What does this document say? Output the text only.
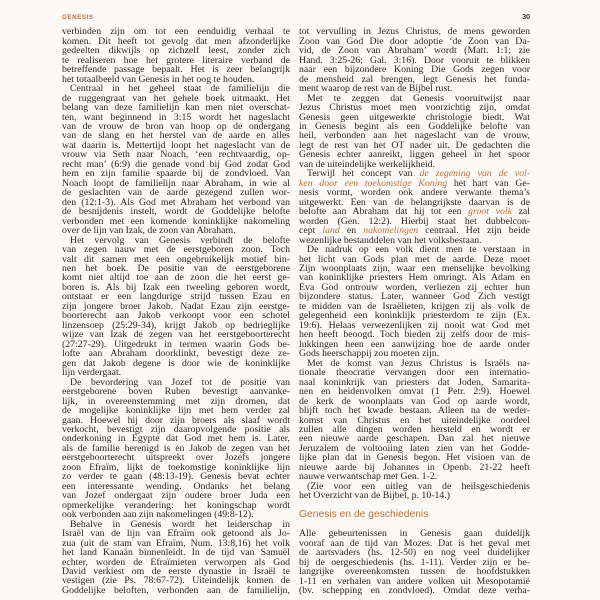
GENESIS	30
verbinden zijn om tot een eenduidig verhaal te
komen. Dit heeft tot gevolg dat men afzonderlijke
gedeelten dikwijls op zichzelf leest, zonder zich
te realiseren hoe het grotere literaire verband de
betreffende passage bepaalt. Het is zeer belangrijk
het totaalbeeld van Genesis in het oog te houden.
Centraal in het geheel staat de familielijn die
de ruggengraat van het gehele boek uitmaakt. Het
belang van deze familielijn kan men niet overschat-
ten, want beginnend in 3:15 wordt het nageslacht
van de vrouw de bron van hoop op de ondergang
van de slang en het herstel van de aarde en alles
wat daarin is. Mettertijd loopt het nageslacht van de
vrouw via Seth naar Noach, ‘een rechtvaardig, op-
recht man’ (6:9) die genade vond bij God zodat God
hem en zijn familie spaarde bij de zondvloed. Van
Noach loopt de familielijn naar Abraham, in wie al
de geslachten van de aarde gezegend zullen wor-
den (12:1-3). Als God met Abraham het verbond van
de besnijdenis instelt, wordt de Goddelijke belofte
verbonden met een komende koninklijke nakomeling
over de lijn van Izak, de zoon van Abraham.
Het vervolg van Genesis verbindt de belofte
van zegen nauw met de eerstgeboren zoon. Toch
valt dit samen met een ongebruikelijk motief bin-
nen het boek. De positie van de eerstgeborene
komt niet altijd toe aan de zoon die het eerst ge-
boren is. Als bij Izak een tweeling geboren wordt,
ontstaat er een langdurige strijd tussen Ezau en
zijn jongere broer Jakob. Nadat Ezau zijn eerstge-
boorterecht aan Jakob verkoopt voor een schotel
linzensoep (25:29-34), krijgt Jakob op bedrieglijke
wijze van Izak de zegen van het eerstgeboorterecht
(27:27-29). Uitgedrukt in termen waarin Gods be-
lofte aan Abraham doorklinkt, bevestigt deze ze-
gen dat Jakob degene is door wie de koninklijke
lijn verdergaat.
De bevordering van Jozef tot de positie van
eerstgeborene boven Ruben bevestigt aanvanke-
lijk, in overeenstemming met zijn dromen, dat
de mogelijke koninklijke lijn met hem verder zal
gaan. Hoewel hij door zijn broers als slaaf wordt
verkocht, bevestigt zijn daaropvolgende positie als
onderkoning in Egypte dat God met hem is. Later,
als de familie herenigd is en Jakob de zegen van het
eerstgeboorterecht uitspreekt over Jozefs jongere
zoon Efraïm, lijkt de toekomstige koninklijke lijn
zo verder te gaan (48:13-19). Genesis bevat echter
een interessante wending. Ondanks het belang
van Jozef ondergaat zijn oudere broer Juda een
opmerkelijke verandering: het koningschap wordt
ook verbonden aan zijn nakomelingen (49:8-12).
Behalve in Genesis wordt het leiderschap in
Israël van de lijn van Efraïm ook getoond als Jo-
zua (uit de stam van Efraïm, Num. 13:8,16) het volk
het land Kanaän binnenleidt. In de tijd van Samuël
echter, worden de Efraïmieten verworpen als God
David verkiest om de eerste dynastie in Israël te
vestigen (zie Ps. 78:67-72). Uiteindelijk komen de
Goddelijke beloften, verbonden aan de familielijn,
tot vervulling in Jezus Christus, de mens geworden
Zoon van God Die door adoptie ‘de Zoon van Da-
vid, de Zoon van Abraham’ wordt (Matt. 1:1; zie
Hand. 3:25-26; Gal. 3:16). Door vooruit te blikken
naar een bijzondere Koning Die Gods zegen voor
de mensheid zal brengen, legt Genesis het funda-
ment waarop de rest van de Bijbel rust.
Met te zeggen dat Genesis vooruitwijst naar
Jezus Christus moet men voorzichtig zijn, omdat
Genesis geen uitgewerkte christologie biedt. Wat
in Genesis begint als een Goddelijke belofte van
heil, verbonden aan het nageslacht van de vrouw,
legt de rest van het OT nader uit. De gedachten die
Genesis echter aanreikt, liggen geheel in het spoor
van de uiteindelijke werkelijkheid.
Terwijl het concept van de zegening van de vol-
ken door een toekomstige Koning het hart van Ge-
nesis vormt, worden ook andere verwante thema’s
uitgewerkt. Een van de belangrijkste daarvan is de
belofte aan Abraham dat hij tot een groot volk zal
worden (Gen. 12:2). Hierbij staat het dubbelcon-
cept land en nakomelingen centraal. Het zijn beide
wezenlijke bestanddelen van het volksbestaan.
De nadruk op een volk dient men te verstaan in
het licht van Gods plan met de aarde. Deze moet
Zijn woonplaats zijn, waar een menselijke bevolking
van koninklijke priesters Hem omringt. Als Adam en
Eva God ontrouw worden, verliezen zij echter hun
bijzondere status. Later, wanneer God Zich vestigt
te midden van de Israëlieten, krijgen zij als volk de
gelegenheid een koninklijk priesterdom te zijn (Ex.
19:6). Helaas verwezenlijken zij nooit wat God met
hen heeft beoogd. Toch bieden zij zelfs door de mis-
lukkingen heen een aanwijzing hoe de aarde onder
Gods heerschappij zou moeten zijn.
Met de komst van Jezus Christus is Israëls na-
tionale theocratie vervangen door een internatio-
naal koninkrijk van priesters dat Joden, Samarita-
nen en heidenvolken omvat (1 Petr. 2:9). Hoewel
de kerk de woonplaats van God op aarde wordt,
blijft toch het kwade bestaan. Alleen na de weder-
komst van Christus en het uiteindelijke oordeel
zullen alle dingen worden hersteld en wordt er
een nieuwe aarde geschapen. Dan zal het nieuwe
Jeruzalem de voltooiing laten zien van het Godde-
lijke plan dat in Genesis begon. Het visioen van de
nieuwe aarde bij Johannes in Openb. 21-22 heeft
nauwe verwantschap met Gen. 1-2.
(Zie voor een uitleg van de heilsgeschiedenis
het Overzicht van de Bijbel, p. 10-14.)
Genesis en de geschiedenis
Alle gebeurtenissen in Genesis gaan duidelijk
vooraf aan de tijd van Mozes. Dat is het geval met
de aartsvaders (hs. 12-50) en nog veel duidelijker
bij de oergeschiedenis (hs. 1-11). Verder zijn er be-
langrijke overeenkomsten tussen de hoofdstukken
1-11 en verhalen van andere volken uit Mesopotamië
(bv. schepping en zondvloed). Omdat deze verha-
